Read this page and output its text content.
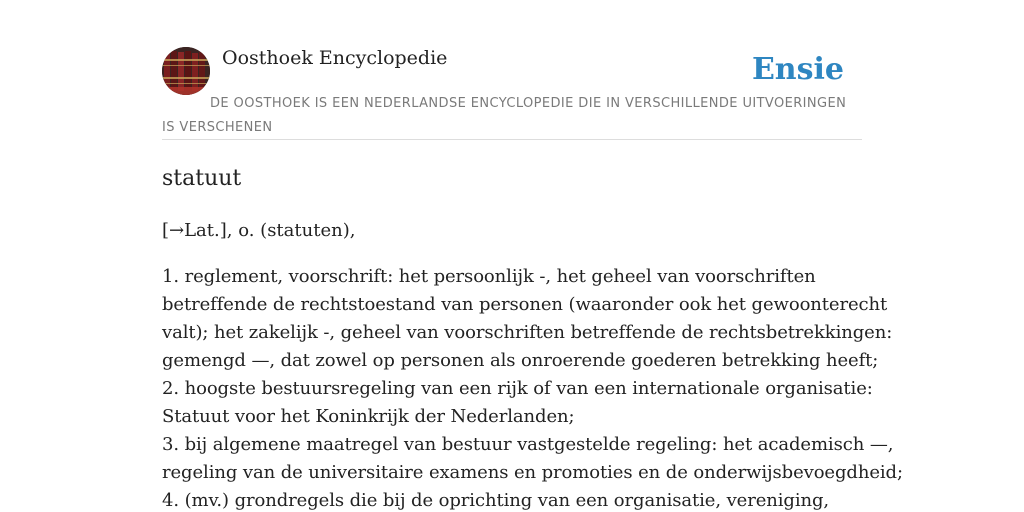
Oosthoek Encyclopedie	Ensie
DE OOSTHOEK IS EEN NEDERLANDSE ENCYCLOPEDIE DIE IN VERSCHILLENDE UITVOERINGEN IS VERSCHENEN
statuut

[→Lat.], o. (statuten),

1. reglement, voorschrift: het persoonlijk -, het geheel van voorschriften
betreffende de rechtstoestand van personen (waaronder ook het gewoonterecht
valt); het zakelijk -, geheel van voorschriften betreffende de rechtsbetrekkingen:
gemengd —, dat zowel op personen als onroerende goederen betrekking heeft;
2. hoogste bestuursregeling van een rijk of van een internationale organisatie:
Statuut voor het Koninkrijk der Nederlanden;
3. bij algemene maatregel van bestuur vastgestelde regeling: het academisch —,
regeling van de universitaire examens en promoties en de onderwijsbevoegdheid;
4. (mv.) grondregels die bij de oprichting van een organisatie, vereniging,
